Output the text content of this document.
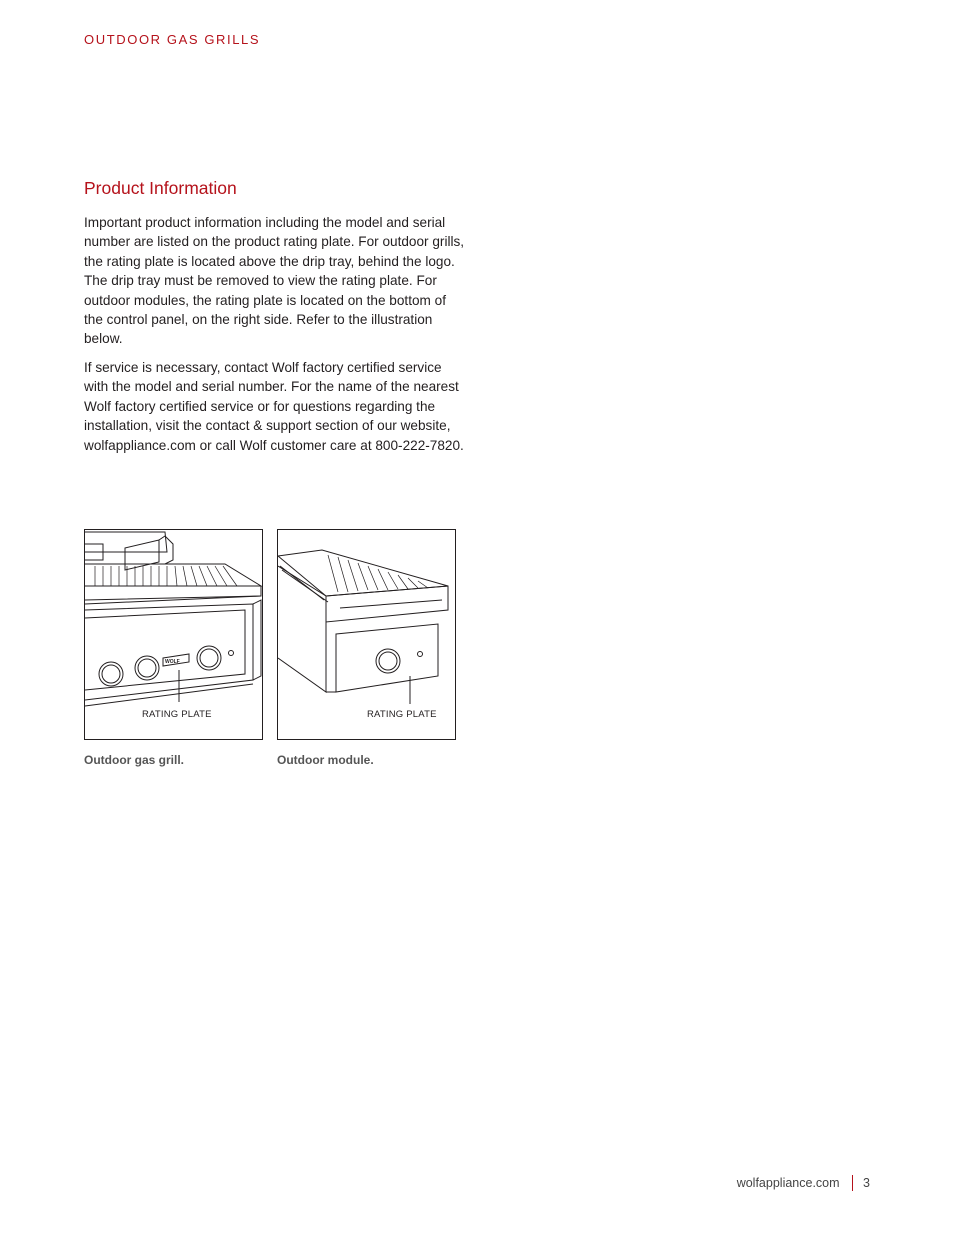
OUTDOOR GAS GRILLS
Product Information

Important product information including the model and serial number are listed on the product rating plate. For outdoor grills, the rating plate is located above the drip tray, behind the logo. The drip tray must be removed to view the rating plate. For outdoor modules, the rating plate is located on the bottom of the control panel, on the right side. Refer to the illustration below.

If service is necessary, contact Wolf factory certified service with the model and serial number. For the name of the nearest Wolf factory certified service or for questions regarding the installation, visit the contact & support section of our website, wolfappliance.com or call Wolf customer care at 800-222-7820.

WOLF
RATING PLATE	RATING PLATE
Outdoor gas grill.	Outdoor module.
wolfappliance.com 3
